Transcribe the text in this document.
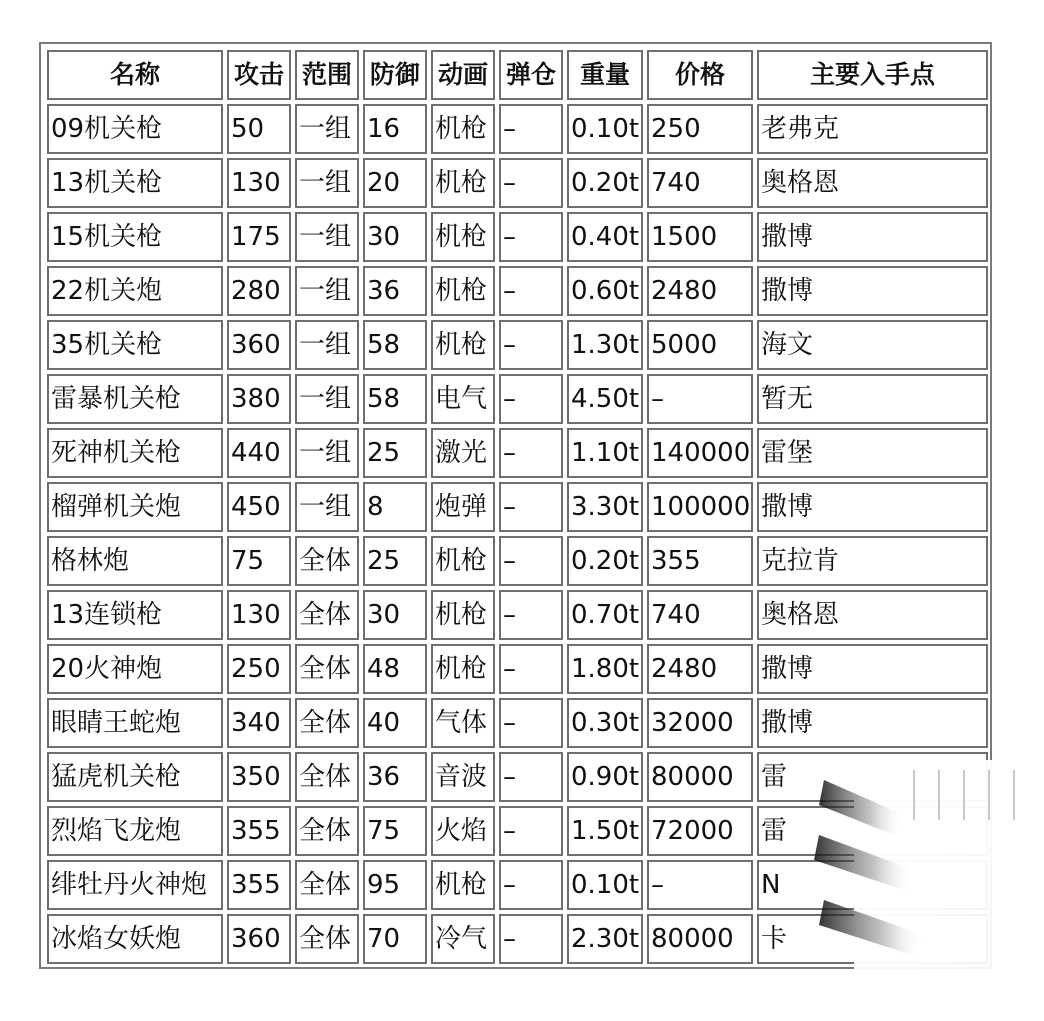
名称	攻击	范围	防御	动画	弹仓	重量	价格	主要入手点
09机关枪	50	一组	16	机枪	–	0.10t	250	老弗克
13机关枪	130	一组	20	机枪	–	0.20t	740	奥格恩
15机关枪	175	一组	30	机枪	–	0.40t	1500	撒博
22机关炮	280	一组	36	机枪	–	0.60t	2480	撒博
35机关枪	360	一组	58	机枪	–	1.30t	5000	海文
雷暴机关枪	380	一组	58	电气	–	4.50t	–	暂无
死神机关枪	440	一组	25	激光	–	1.10t	140000	雷堡
榴弹机关炮	450	一组	8	炮弹	–	3.30t	100000	撒博
格林炮	75	全体	25	机枪	–	0.20t	355	克拉肯
13连锁枪	130	全体	30	机枪	–	0.70t	740	奥格恩
20火神炮	250	全体	48	机枪	–	1.80t	2480	撒博
眼睛王蛇炮	340	全体	40	气体	–	0.30t	32000	撒博
猛虎机关枪	350	全体	36	音波	–	0.90t	80000	雷
烈焰飞龙炮	355	全体	75	火焰	–	1.50t	72000	雷
绯牡丹火神炮	355	全体	95	机枪	–	0.10t	–	N
冰焰女妖炮	360	全体	70	冷气	–	2.30t	80000	卡
